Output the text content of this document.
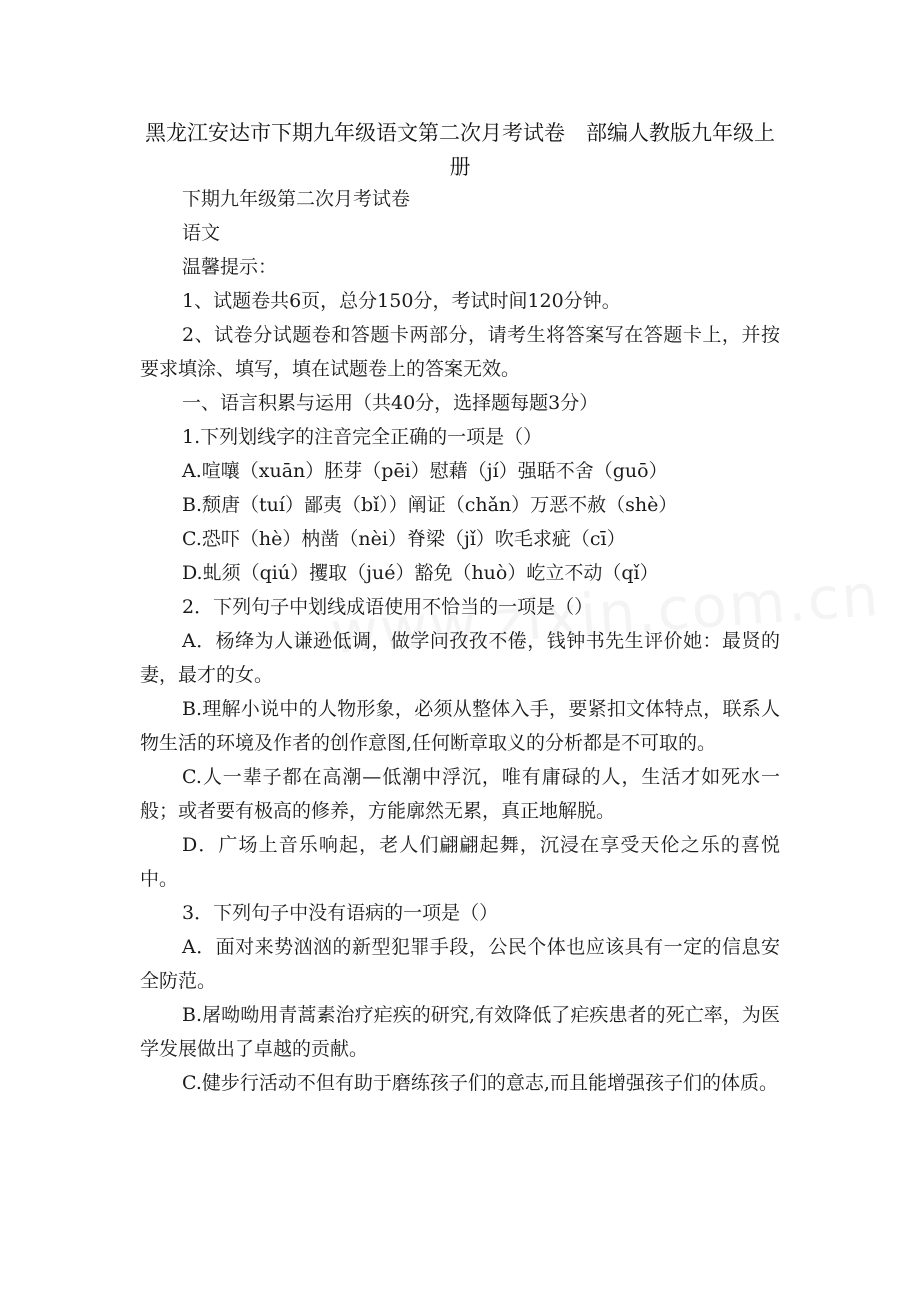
黑龙江安达市下期九年级语文第二次月考试卷　部编人教版九年级上册

下期九年级第二次月考试卷

语文

温馨提示：

1、试题卷共6页，总分150分，考试时间120分钟。

2、试卷分试题卷和答题卡两部分，请考生将答案写在答题卡上，并按要求填涂、填写，填在试题卷上的答案无效。

一、语言积累与运用（共40分，选择题每题3分）

1.下列划线字的注音完全正确的一项是（）

A.喧嚷（xuān）胚芽（pēi）慰藉（jí）强聒不舍（guō）

B.颓唐（tuí）鄙夷（bǐ））阐证（chǎn）万恶不赦（shè）

C.恐吓（hè）枘凿（nèi）脊梁（jǐ）吹毛求疵（cī）

D.虬须（qiú）攫取（jué）豁免（huò）屹立不动（qǐ）

2．下列句子中划线成语使用不恰当的一项是（）

A．杨绛为人谦逊低调，做学问孜孜不倦，钱钟书先生评价她：最贤的妻，最才的女。

B.理解小说中的人物形象，必须从整体入手，要紧扣文体特点，联系人物生活的环境及作者的创作意图,任何断章取义的分析都是不可取的。

C.人一辈子都在高潮—低潮中浮沉，唯有庸碌的人，生活才如死水一般；或者要有极高的修养，方能廓然无累，真正地解脱。

D．广场上音乐响起，老人们翩翩起舞，沉浸在享受天伦之乐的喜悦中。

3．下列句子中没有语病的一项是（）

A．面对来势汹汹的新型犯罪手段，公民个体也应该具有一定的信息安全防范。

B.屠呦呦用青蒿素治疗疟疾的研究,有效降低了疟疾患者的死亡率，为医学发展做出了卓越的贡献。

C.健步行活动不但有助于磨练孩子们的意志,而且能增强孩子们的体质。
